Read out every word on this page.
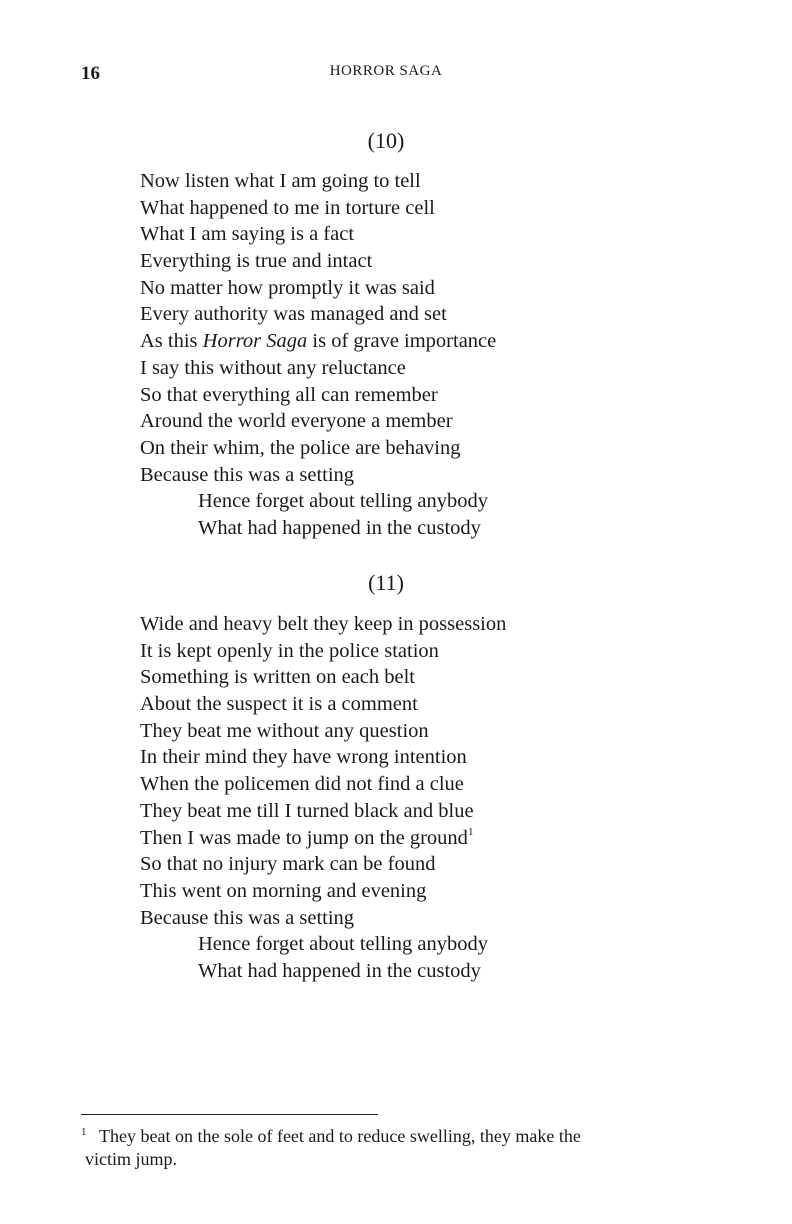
16	HORROR SAGA
(10)
Now listen what I am going to tell
What happened to me in torture cell
What I am saying is a fact
Everything is true and intact
No matter how promptly it was said
Every authority was managed and set
As this Horror Saga is of grave importance
I say this without any reluctance
So that everything all can remember
Around the world everyone a member
On their whim, the police are behaving
Because this was a setting
Hence forget about telling anybody
What had happened in the custody
(11)
Wide and heavy belt they keep in possession
It is kept openly in the police station
Something is written on each belt
About the suspect it is a comment
They beat me without any question
In their mind they have wrong intention
When the policemen did not find a clue
They beat me till I turned black and blue
Then I was made to jump on the ground$^1$
So that no injury mark can be found
This went on morning and evening
Because this was a setting
Hence forget about telling anybody
What had happened in the custody
1 They beat on the sole of feet and to reduce swelling, they make the
victim jump.
